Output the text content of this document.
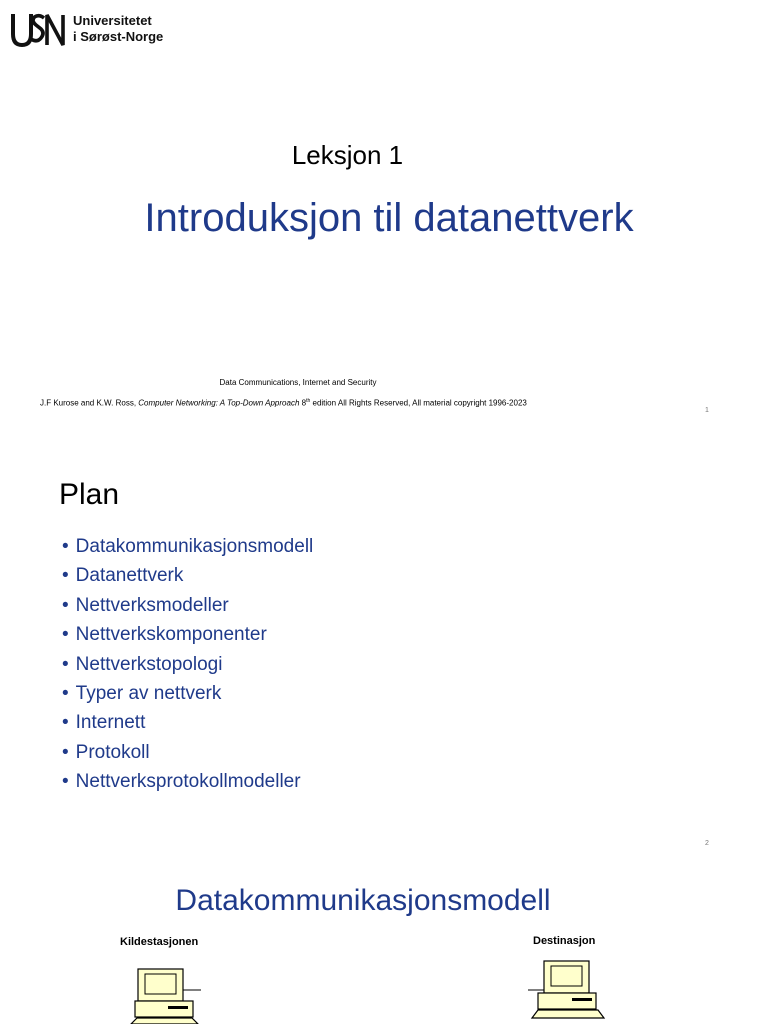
Universitetet
i Sørøst-Norge
Leksjon 1
Introduksjon til datanettverk
Data Communications, Internet and Security
J.F Kurose and K.W. Ross, Computer Networking: A Top-Down Approach 8th edition All Rights Reserved, All material copyright 1996-2023
1
Plan
• Datakommunikasjonsmodell
• Datanettverk
• Nettverksmodeller
• Nettverkskomponenter
• Nettverkstopologi
• Typer av nettverk
• Internett
• Protokoll
• Nettverksprotokollmodeller
2
Datakommunikasjonsmodell
Kildestasjonen	Destinasjon
